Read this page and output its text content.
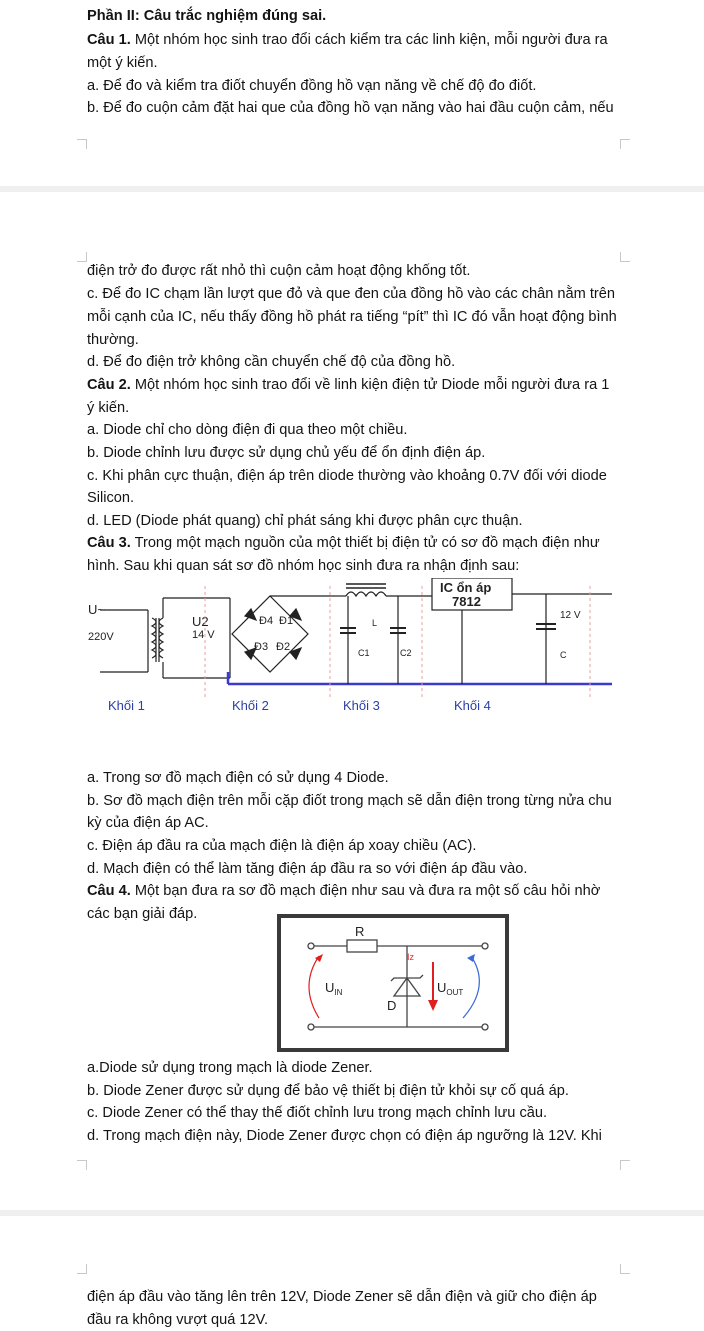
Phần II: Câu trắc nghiệm đúng sai.
Câu 1. Một nhóm học sinh trao đổi cách kiểm tra các linh kiện, mỗi người đưa ra
một ý kiến.
a. Để đo và kiểm tra điốt chuyển đồng hồ vạn năng về chế độ đo điốt.
b. Để đo cuộn cảm đặt hai que của đồng hồ vạn năng vào hai đầu cuộn cảm, nếu
điện trở đo được rất nhỏ thì cuộn cảm hoạt động khống tốt.
c. Để đo IC chạm lần lượt que đỏ và que đen của đồng hồ vào các chân nằm trên
mỗi cạnh của IC, nếu thấy đồng hồ phát ra tiếng “pít” thì IC đó vẫn hoạt động bình
thường.
d. Để đo điện trở không cần chuyển chế độ của đồng hồ.
Câu 2. Một nhóm học sinh trao đổi về linh kiện điện tử Diode mỗi người đưa ra 1
ý kiến.
a. Diode chỉ cho dòng điện đi qua theo một chiều.
b. Diode chỉnh lưu được sử dụng chủ yếu để ổn định điện áp.
c. Khi phân cực thuận, điện áp trên diode thường vào khoảng 0.7V đối với diode
Silicon.
d. LED (Diode phát quang) chỉ phát sáng khi được phân cực thuận.
Câu 3. Trong một mạch nguồn của một thiết bị điện tử có sơ đồ mạch điện như
hình. Sau khi quan sát sơ đồ nhóm học sinh đưa ra nhận định sau:
U~
220V
U2
14 V
Đ4 Đ1
Đ3 Đ2
L
C1	C2
IC ổn áp
7812
12 V
C
Khối 1	Khối 2	Khối 3	Khối 4
a. Trong sơ đồ mạch điện có sử dụng 4 Diode.
b. Sơ đồ mạch điện trên mỗi cặp điốt trong mạch sẽ dẫn điện trong từng nửa chu
kỳ của điện áp AC.
c. Điện áp đầu ra của mạch điện là điện áp xoay chiều (AC).
d. Mạch điện có thể làm tăng điện áp đầu ra so với điện áp đầu vào.
Câu 4. Một bạn đưa ra sơ đồ mạch điện như sau và đưa ra một số câu hỏi nhờ
các bạn giải đáp.
R
Iz
$U_{IN}$
D
$U_{OUT}$
a.Diode sử dụng trong mạch là diode Zener.
b. Diode Zener được sử dụng để bảo vệ thiết bị điện tử khỏi sự cố quá áp.
c. Diode Zener có thể thay thế điốt chỉnh lưu trong mạch chỉnh lưu cầu.
d. Trong mạch điện này, Diode Zener được chọn có điện áp ngưỡng là 12V. Khi
điện áp đầu vào tăng lên trên 12V, Diode Zener sẽ dẫn điện và giữ cho điện áp
đầu ra không vượt quá 12V.
